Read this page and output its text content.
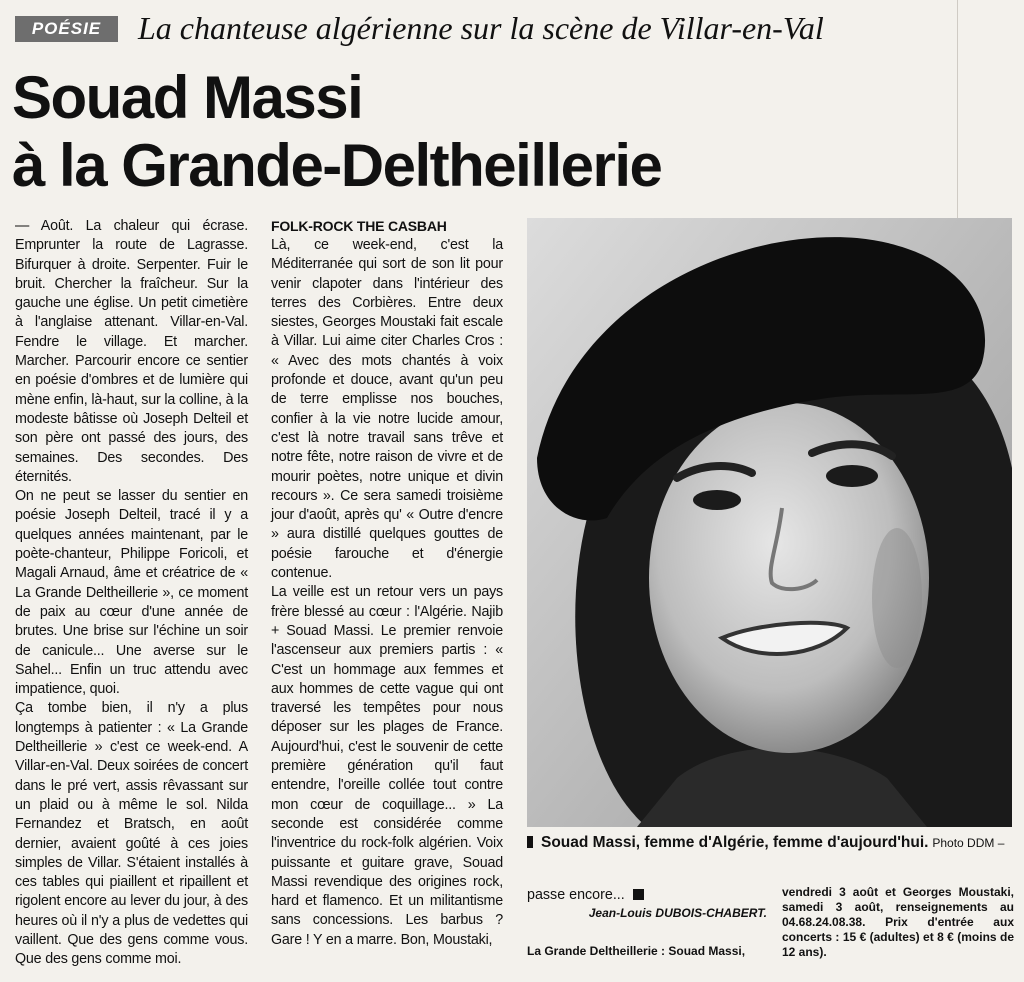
POÉSIE	La chanteuse algérienne sur la scène de Villar-en-Val
Souad Massi
à la Grande-Deltheillerie

— Août. La chaleur qui écrase. Emprunter la route de Lagrasse. Bifurquer à droite. Serpenter. Fuir le bruit. Chercher la fraîcheur. Sur la gauche une église. Un petit cimetière à l'anglaise attenant. Villar-en-Val. Fendre le village. Et marcher. Marcher. Parcourir encore ce sentier en poésie d'ombres et de lumière qui mène enfin, là-haut, sur la colline, à la modeste bâtisse où Joseph Delteil et son père ont passé des jours, des semaines. Des secondes. Des éternités.

On ne peut se lasser du sentier en poésie Joseph Delteil, tracé il y a quelques années maintenant, par le poète-chanteur, Philippe Foricoli, et Magali Arnaud, âme et créatrice de « La Grande Deltheillerie », ce moment de paix au cœur d'une année de brutes. Une brise sur l'échine un soir de canicule... Une averse sur le Sahel... Enfin un truc attendu avec impatience, quoi.

Ça tombe bien, il n'y a plus longtemps à patienter : « La Grande Deltheillerie » c'est ce week-end. A Villar-en-Val. Deux soirées de concert dans le pré vert, assis rêvassant sur un plaid ou à même le sol. Nilda Fernandez et Bratsch, en août dernier, avaient goûté à ces joies simples de Villar. S'étaient installés à ces tables qui piaillent et ripaillent et rigolent encore au lever du jour, à des heures où il n'y a plus de vedettes qui vaillent. Que des gens comme vous. Que des gens comme moi.

FOLK-ROCK THE CASBAH

Là, ce week-end, c'est la Méditerranée qui sort de son lit pour venir clapoter dans l'intérieur des terres des Corbières. Entre deux siestes, Georges Moustaki fait escale à Villar. Lui aime citer Charles Cros : « Avec des mots chantés à voix profonde et douce, avant qu'un peu de terre emplisse nos bouches, confier à la vie notre lucide amour, c'est là notre travail sans trêve et notre fête, notre raison de vivre et de mourir poètes, notre unique et divin recours ». Ce sera samedi troisième jour d'août, après qu' « Outre d'encre » aura distillé quelques gouttes de poésie farouche et d'énergie contenue.

La veille est un retour vers un pays frère blessé au cœur : l'Algérie. Najib + Souad Massi. Le premier renvoie l'ascenseur aux premiers partis : « C'est un hommage aux femmes et aux hommes de cette vague qui ont traversé les tempêtes pour nous déposer sur les plages de France. Aujourd'hui, c'est le souvenir de cette première génération qu'il faut entendre, l'oreille collée tout contre mon cœur de coquillage... » La seconde est considérée comme l'inventrice du rock-folk algérien. Voix puissante et guitare grave, Souad Massi revendique des origines rock, hard et flamenco. Et un militantisme sans concessions. Les barbus ? Gare ! Y en a marre. Bon, Moustaki,

Souad Massi, femme d'Algérie, femme d'aujourd'hui. Photo DDM –
passe encore...
Jean-Louis DUBOIS-CHABERT.
La Grande Deltheillerie : Souad Massi,
vendredi 3 août et Georges Moustaki, samedi 3 août, renseignements au 04.68.24.08.38. Prix d'entrée aux concerts : 15 € (adultes) et 8 € (moins de 12 ans).
